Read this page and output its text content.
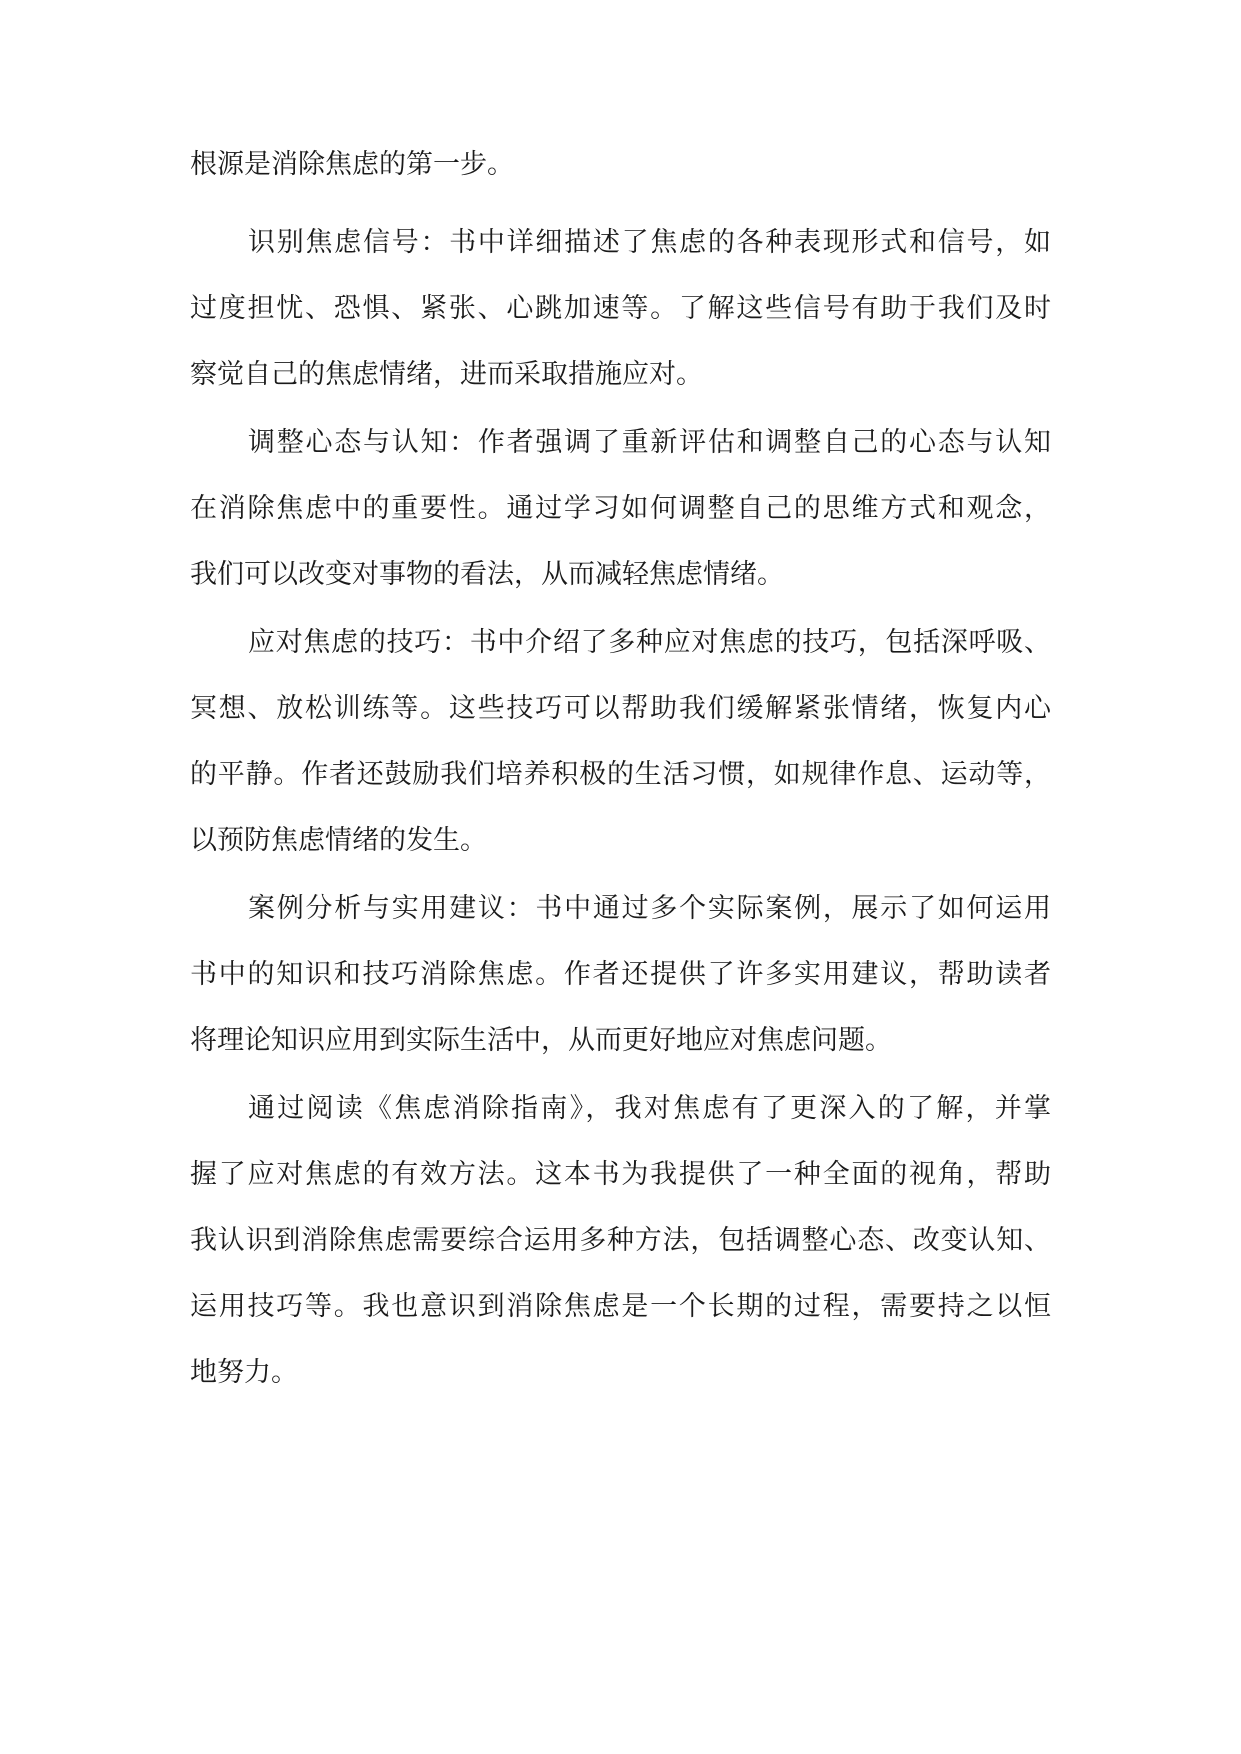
根源是消除焦虑的第一步。
识别焦虑信号：书中详细描述了焦虑的各种表现形式和信号，如
过度担忧、恐惧、紧张、心跳加速等。了解这些信号有助于我们及时
察觉自己的焦虑情绪，进而采取措施应对。
调整心态与认知：作者强调了重新评估和调整自己的心态与认知
在消除焦虑中的重要性。通过学习如何调整自己的思维方式和观念，
我们可以改变对事物的看法，从而减轻焦虑情绪。
应对焦虑的技巧：书中介绍了多种应对焦虑的技巧，包括深呼吸、
冥想、放松训练等。这些技巧可以帮助我们缓解紧张情绪，恢复内心
的平静。作者还鼓励我们培养积极的生活习惯，如规律作息、运动等，
以预防焦虑情绪的发生。
案例分析与实用建议：书中通过多个实际案例，展示了如何运用
书中的知识和技巧消除焦虑。作者还提供了许多实用建议，帮助读者
将理论知识应用到实际生活中，从而更好地应对焦虑问题。
通过阅读《焦虑消除指南》，我对焦虑有了更深入的了解，并掌
握了应对焦虑的有效方法。这本书为我提供了一种全面的视角，帮助
我认识到消除焦虑需要综合运用多种方法，包括调整心态、改变认知、
运用技巧等。我也意识到消除焦虑是一个长期的过程，需要持之以恒
地努力。
